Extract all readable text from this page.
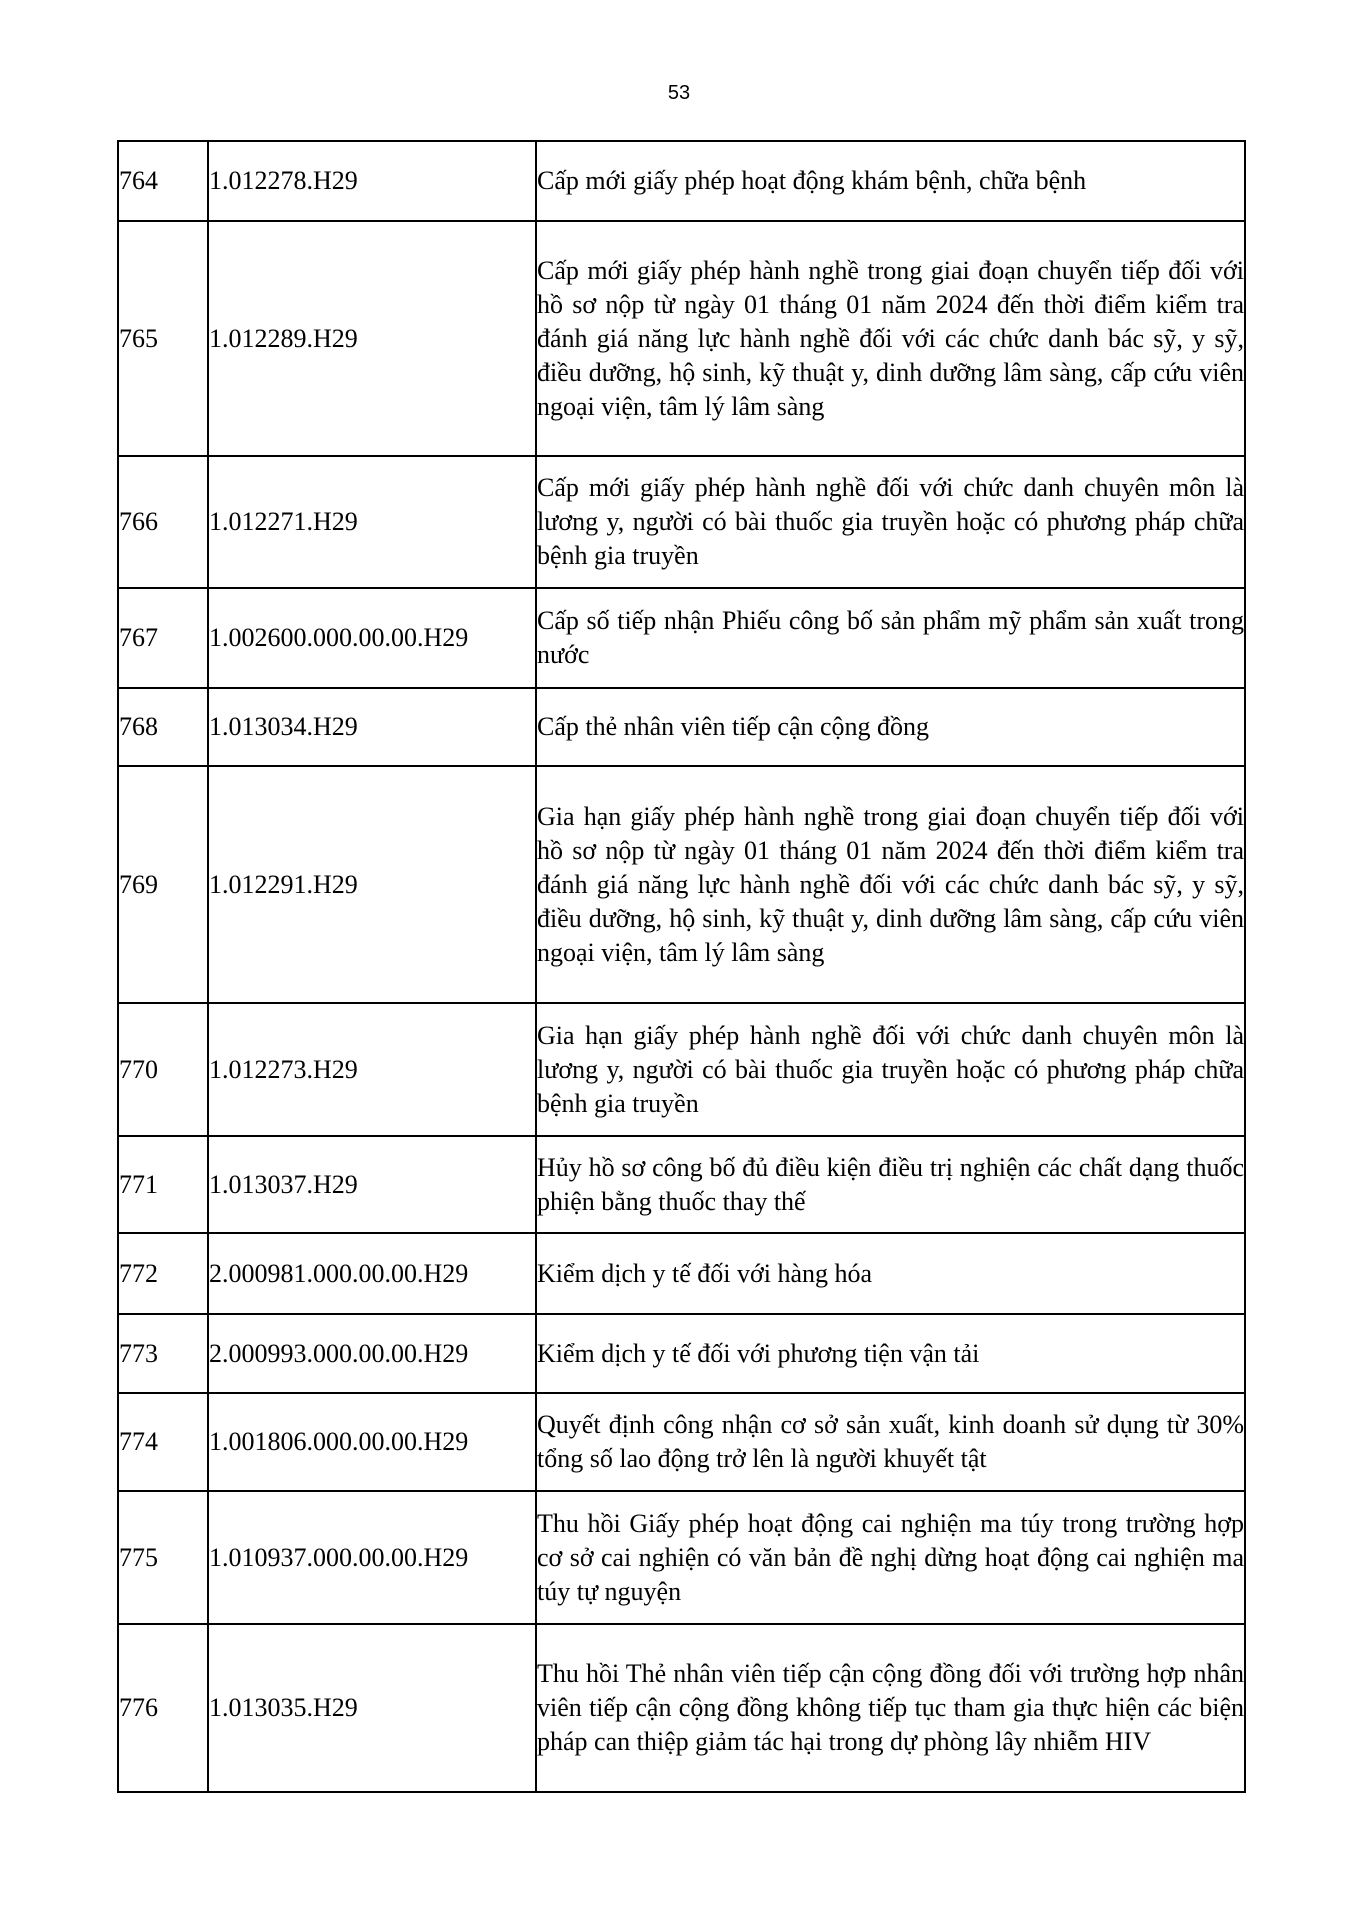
53
764	1.012278.H29	Cấp mới giấy phép hoạt động khám bệnh, chữa bệnh
765	1.012289.H29	Cấp mới giấy phép hành nghề trong giai đoạn chuyển tiếp đối với hồ sơ nộp từ ngày 01 tháng 01 năm 2024 đến thời điểm kiểm tra đánh giá năng lực hành nghề đối với các chức danh bác sỹ, y sỹ, điều dưỡng, hộ sinh, kỹ thuật y, dinh dưỡng lâm sàng, cấp cứu viên ngoại viện, tâm lý lâm sàng
766	1.012271.H29	Cấp mới giấy phép hành nghề đối với chức danh chuyên môn là lương y, người có bài thuốc gia truyền hoặc có phương pháp chữa bệnh gia truyền
767	1.002600.000.00.00.H29	Cấp số tiếp nhận Phiếu công bố sản phẩm mỹ phẩm sản xuất trong nước
768	1.013034.H29	Cấp thẻ nhân viên tiếp cận cộng đồng
769	1.012291.H29	Gia hạn giấy phép hành nghề trong giai đoạn chuyển tiếp đối với hồ sơ nộp từ ngày 01 tháng 01 năm 2024 đến thời điểm kiểm tra đánh giá năng lực hành nghề đối với các chức danh bác sỹ, y sỹ, điều dưỡng, hộ sinh, kỹ thuật y, dinh dưỡng lâm sàng, cấp cứu viên ngoại viện, tâm lý lâm sàng
770	1.012273.H29	Gia hạn giấy phép hành nghề đối với chức danh chuyên môn là lương y, người có bài thuốc gia truyền hoặc có phương pháp chữa bệnh gia truyền
771	1.013037.H29	Hủy hồ sơ công bố đủ điều kiện điều trị nghiện các chất dạng thuốc phiện bằng thuốc thay thế
772	2.000981.000.00.00.H29	Kiểm dịch y tế đối với hàng hóa
773	2.000993.000.00.00.H29	Kiểm dịch y tế đối với phương tiện vận tải
774	1.001806.000.00.00.H29	Quyết định công nhận cơ sở sản xuất, kinh doanh sử dụng từ 30% tổng số lao động trở lên là người khuyết tật
775	1.010937.000.00.00.H29	Thu hồi Giấy phép hoạt động cai nghiện ma túy trong trường hợp cơ sở cai nghiện có văn bản đề nghị dừng hoạt động cai nghiện ma túy tự nguyện
776	1.013035.H29	Thu hồi Thẻ nhân viên tiếp cận cộng đồng đối với trường hợp nhân viên tiếp cận cộng đồng không tiếp tục tham gia thực hiện các biện pháp can thiệp giảm tác hại trong dự phòng lây nhiễm HIV
